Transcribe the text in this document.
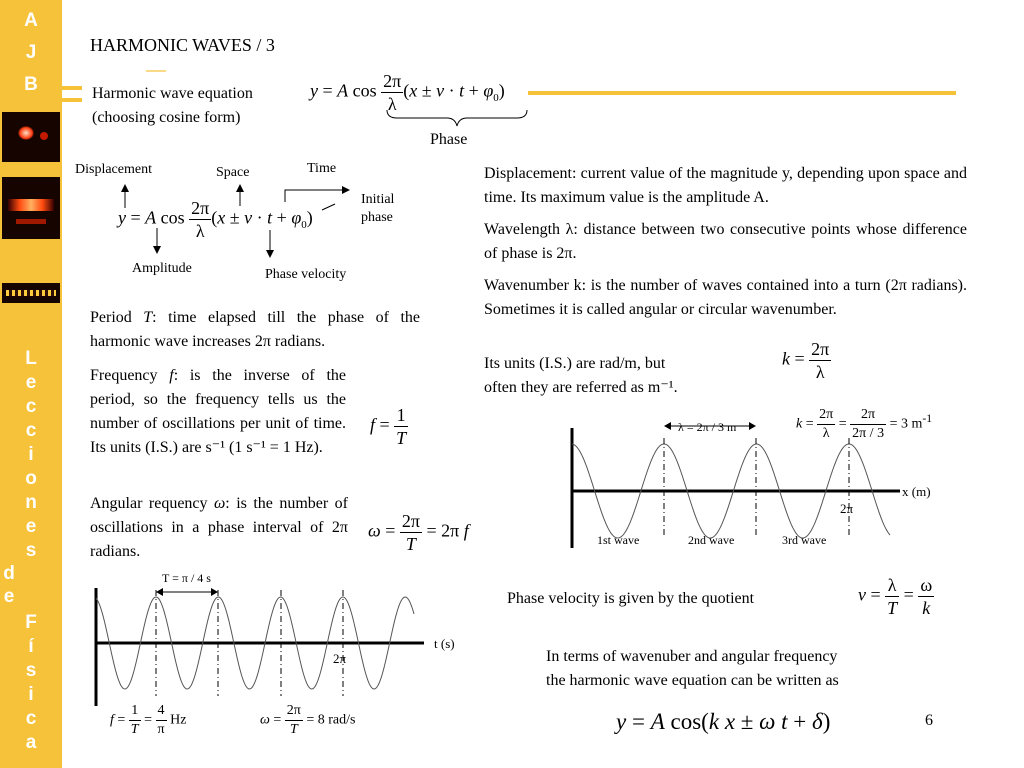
A
J
B
L
e
c
c
i
o
n
e
s
d
e
F
í
s
i
c
a
HARMONIC WAVES / 3
Harmonic wave equation
(choosing cosine form)
y = A $\cos \frac{2\pi}{\lambda} (x \pm v \cdot t + \varphi_0)$
Phase
Displacement	Space	Time
Initial
phase
y = A $\cos \frac{2\pi}{\lambda} (x \pm v \cdot t + \varphi_0)$
Amplitude	Phase velocity
Period T: time elapsed till the phase of the harmonic wave increases 2π radians.
Frequency f: is the inverse of the period, so the frequency tells us the number of oscillations per unit of time. Its units (I.S.) are s⁻¹ (1 s⁻¹ = 1 Hz).
$f = \frac{1}{T}$
Angular requency ω: is the number of oscillations in a phase interval of 2π radians.
$\omega = \frac{2\pi}{T} = 2\pi$ f
Displacement: current value of the magnitude y, depending upon space and time. Its maximum value is the amplitude A.
Wavelength λ: distance between two consecutive points whose difference of phase is 2π.
Wavenumber k: is the number of waves contained into a turn (2π radians). Sometimes it is called angular or circular wavenumber.
Its units (I.S.) are rad/m, but
often they are referred as m⁻¹.
$k = \frac{2\pi}{\lambda}$
λ = 2π / 3 m
x (m)
2π
1st wave	2nd wave	3rd wave
$k = \frac{2\pi}{\lambda} = \frac{2\pi}{2\pi / 3} = 3$ $m^{-1}$
Phase velocity is given by the quotient	$v = \frac{\lambda}{T} = \frac{\omega}{k}$
In terms of wavenuber and angular frequency
the harmonic wave equation can be written as
y = A cos(k x ± ω t + δ)	6
T = π / 4 s
t (s)
2π
$f = \frac{1}{T} = \frac{4}{\pi}$ Hz	$\omega = \frac{2\pi}{T} = 8$ rad/s
